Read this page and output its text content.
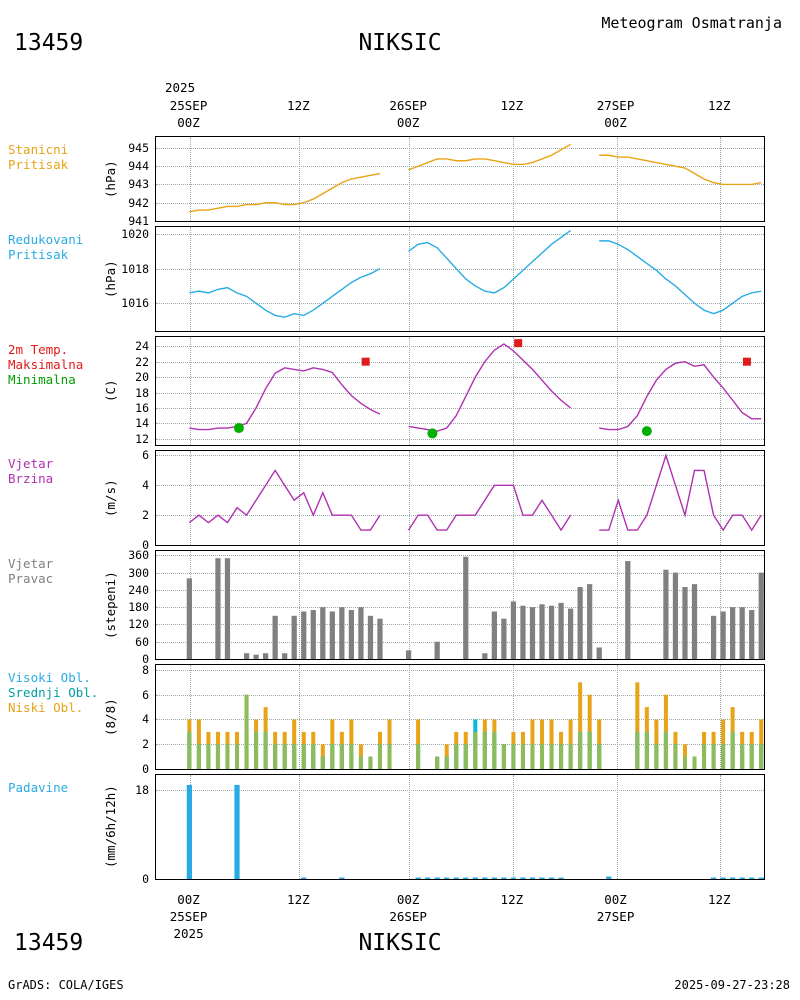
13459	NIKSIC
Meteogram Osmatranja
2025
25SEP
00Z
12Z	26SEP
00Z
12Z	27SEP
00Z
12Z
00Z
25SEP
12Z	00Z
26SEP
12Z	00Z
27SEP
12Z
2025
941
942
943
944
945
(hPa)
Stanicni
Pritisak
1016
1018
1020
(hPa)
Redukovani
Pritisak
12
14
16
18
20
22
24
(C)
2m Temp.
Maksimalna
Minimalna
0
2
4
6
(m/s)
Vjetar
Brzina
0
60
120
180
240
300
360
(stepeni)
Vjetar
Pravac
0
2
4
6
8
(8/8)
Visoki Obl.
Srednji Obl.
Niski Obl.
0
18
(mm/6h/12h)
Padavine
13459	NIKSIC
GrADS: COLA/IGES	2025-09-27-23:28
